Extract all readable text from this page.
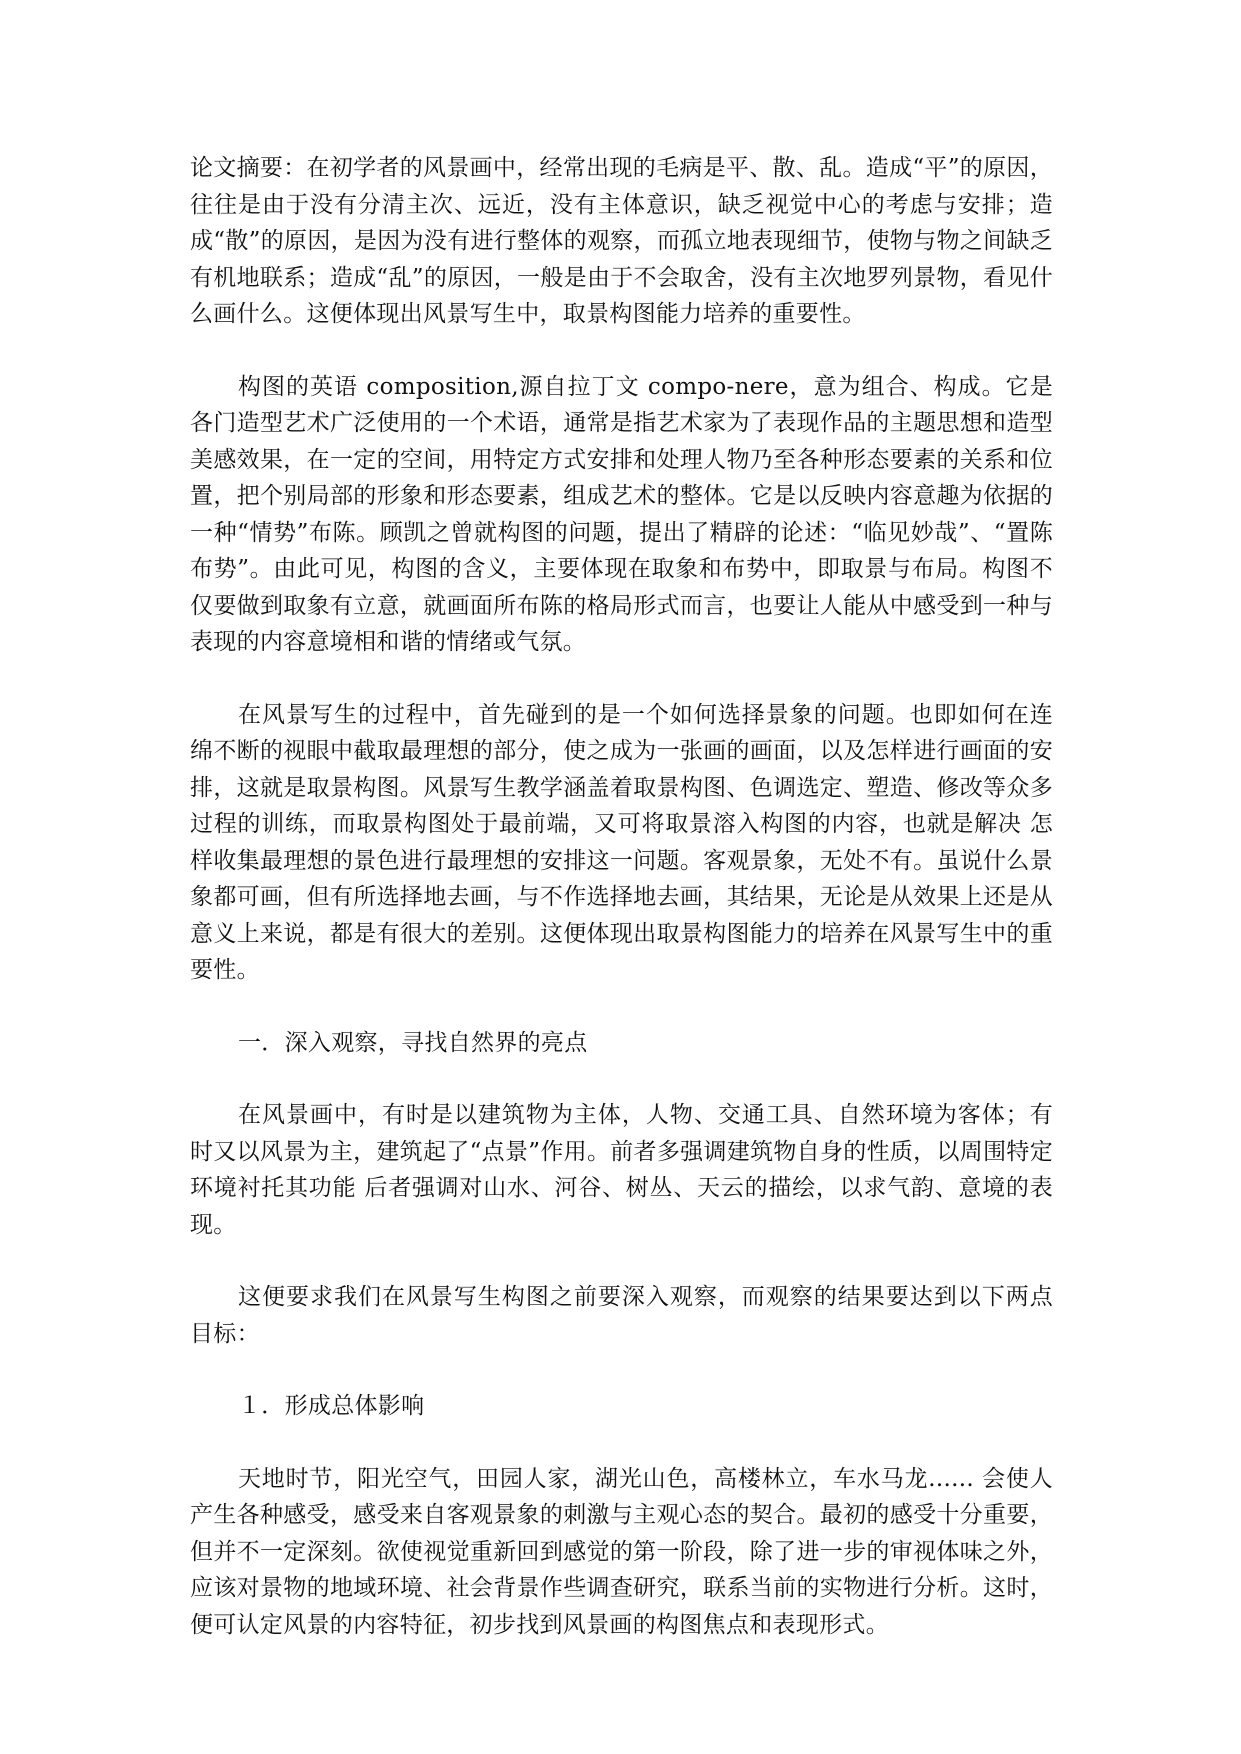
论文摘要：在初学者的风景画中，经常出现的毛病是平、散、乱。造成“平”的原因，往往是由于没有分清主次、远近，没有主体意识，缺乏视觉中心的考虑与安排；造成“散”的原因，是因为没有进行整体的观察，而孤立地表现细节，使物与物之间缺乏有机地联系；造成“乱”的原因，一般是由于不会取舍，没有主次地罗列景物，看见什么画什么。这便体现出风景写生中，取景构图能力培养的重要性。

构图的英语 composition,源自拉丁文 compo-nere，意为组合、构成。它是各门造型艺术广泛使用的一个术语，通常是指艺术家为了表现作品的主题思想和造型美感效果，在一定的空间，用特定方式安排和处理人物乃至各种形态要素的关系和位置，把个别局部的形象和形态要素，组成艺术的整体。它是以反映内容意趣为依据的一种“情势”布陈。顾凯之曾就构图的问题，提出了精辟的论述：“临见妙哉”、“置陈布势”。由此可见，构图的含义，主要体现在取象和布势中，即取景与布局。构图不仅要做到取象有立意，就画面所布陈的格局形式而言，也要让人能从中感受到一种与表现的内容意境相和谐的情绪或气氛。

在风景写生的过程中，首先碰到的是一个如何选择景象的问题。也即如何在连绵不断的视眼中截取最理想的部分，使之成为一张画的画面，以及怎样进行画面的安排，这就是取景构图。风景写生教学涵盖着取景构图、色调选定、塑造、修改等众多过程的训练，而取景构图处于最前端，又可将取景溶入构图的内容，也就是解决 怎样收集最理想的景色进行最理想的安排这一问题。客观景象，无处不有。虽说什么景象都可画，但有所选择地去画，与不作选择地去画，其结果，无论是从效果上还是从意义上来说，都是有很大的差别。这便体现出取景构图能力的培养在风景写生中的重要性。

一．深入观察，寻找自然界的亮点

在风景画中，有时是以建筑物为主体，人物、交通工具、自然环境为客体；有时又以风景为主，建筑起了“点景”作用。前者多强调建筑物自身的性质，以周围特定环境衬托其功能 后者强调对山水、河谷、树丛、天云的描绘，以求气韵、意境的表现。

这便要求我们在风景写生构图之前要深入观察，而观察的结果要达到以下两点目标：

１．形成总体影响

天地时节，阳光空气，田园人家，湖光山色，高楼林立，车水马龙...... 会使人产生各种感受，感受来自客观景象的刺激与主观心态的契合。最初的感受十分重要，但并不一定深刻。欲使视觉重新回到感觉的第一阶段，除了进一步的审视体味之外，应该对景物的地域环境、社会背景作些调查研究，联系当前的实物进行分析。这时，便可认定风景的内容特征，初步找到风景画的构图焦点和表现形式。
